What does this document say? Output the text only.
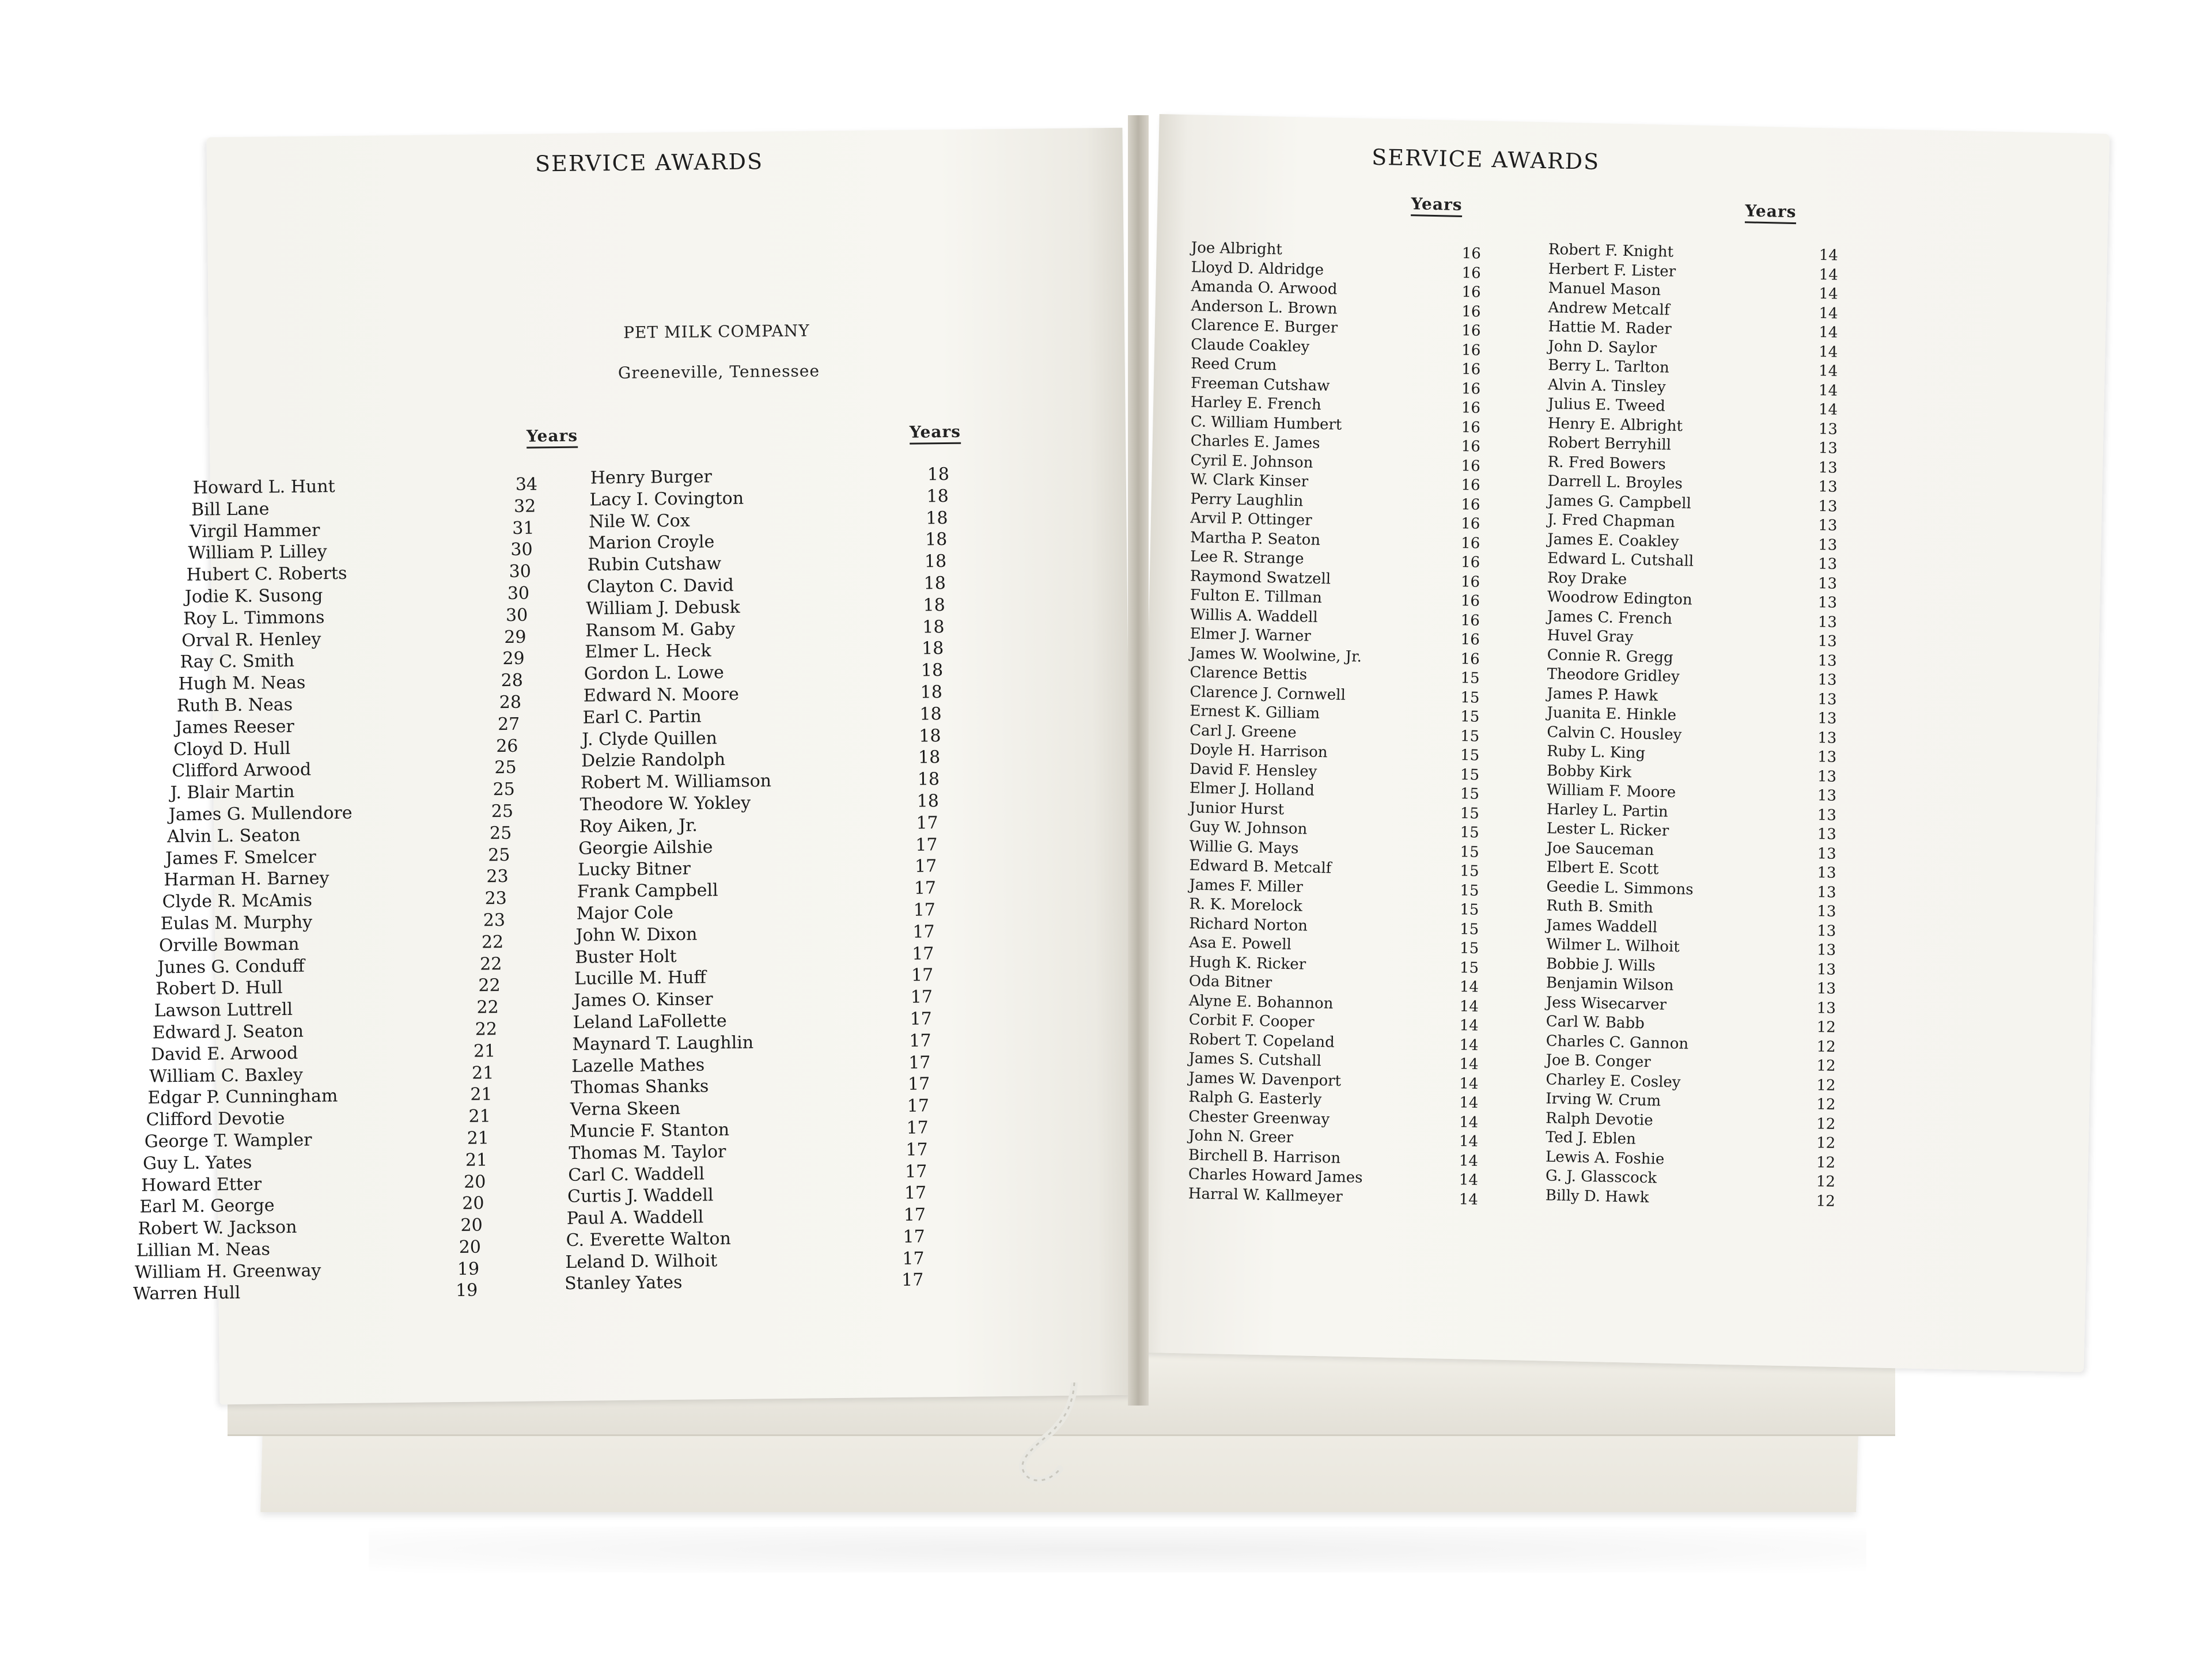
SERVICE AWARDS
PET MILK COMPANY
Greeneville, Tennessee
Years	Years
Howard L. Hunt	34
Bill Lane	32
Virgil Hammer	31
William P. Lilley	30
Hubert C. Roberts	30
Jodie K. Susong	30
Roy L. Timmons	30
Orval R. Henley	29
Ray C. Smith	29
Hugh M. Neas	28
Ruth B. Neas	28
James Reeser	27
Cloyd D. Hull	26
Clifford Arwood	25
J. Blair Martin	25
James G. Mullendore	25
Alvin L. Seaton	25
James F. Smelcer	25
Harman H. Barney	23
Clyde R. McAmis	23
Eulas M. Murphy	23
Orville Bowman	22
Junes G. Conduff	22
Robert D. Hull	22
Lawson Luttrell	22
Edward J. Seaton	22
David E. Arwood	21
William C. Baxley	21
Edgar P. Cunningham	21
Clifford Devotie	21
George T. Wampler	21
Guy L. Yates	21
Howard Etter	20
Earl M. George	20
Robert W. Jackson	20
Lillian M. Neas	20
William H. Greenway	19
Warren Hull	19
Henry Burger	18
Lacy I. Covington	18
Nile W. Cox	18
Marion Croyle	18
Rubin Cutshaw	18
Clayton C. David	18
William J. Debusk	18
Ransom M. Gaby	18
Elmer L. Heck	18
Gordon L. Lowe	18
Edward N. Moore	18
Earl C. Partin	18
J. Clyde Quillen	18
Delzie Randolph	18
Robert M. Williamson	18
Theodore W. Yokley	18
Roy Aiken, Jr.	17
Georgie Ailshie	17
Lucky Bitner	17
Frank Campbell	17
Major Cole	17
John W. Dixon	17
Buster Holt	17
Lucille M. Huff	17
James O. Kinser	17
Leland LaFollette	17
Maynard T. Laughlin	17
Lazelle Mathes	17
Thomas Shanks	17
Verna Skeen	17
Muncie F. Stanton	17
Thomas M. Taylor	17
Carl C. Waddell	17
Curtis J. Waddell	17
Paul A. Waddell	17
C. Everette Walton	17
Leland D. Wilhoit	17
Stanley Yates	17
SERVICE AWARDS
Years	Years
Joe Albright	16
Lloyd D. Aldridge	16
Amanda O. Arwood	16
Anderson L. Brown	16
Clarence E. Burger	16
Claude Coakley	16
Reed Crum	16
Freeman Cutshaw	16
Harley E. French	16
C. William Humbert	16
Charles E. James	16
Cyril E. Johnson	16
W. Clark Kinser	16
Perry Laughlin	16
Arvil P. Ottinger	16
Martha P. Seaton	16
Lee R. Strange	16
Raymond Swatzell	16
Fulton E. Tillman	16
Willis A. Waddell	16
Elmer J. Warner	16
James W. Woolwine, Jr.	16
Clarence Bettis	15
Clarence J. Cornwell	15
Ernest K. Gilliam	15
Carl J. Greene	15
Doyle H. Harrison	15
David F. Hensley	15
Elmer J. Holland	15
Junior Hurst	15
Guy W. Johnson	15
Willie G. Mays	15
Edward B. Metcalf	15
James F. Miller	15
R. K. Morelock	15
Richard Norton	15
Asa E. Powell	15
Hugh K. Ricker	15
Oda Bitner	14
Alyne E. Bohannon	14
Corbit F. Cooper	14
Robert T. Copeland	14
James S. Cutshall	14
James W. Davenport	14
Ralph G. Easterly	14
Chester Greenway	14
John N. Greer	14
Birchell B. Harrison	14
Charles Howard James	14
Harral W. Kallmeyer	14
Robert F. Knight	14
Herbert F. Lister	14
Manuel Mason	14
Andrew Metcalf	14
Hattie M. Rader	14
John D. Saylor	14
Berry L. Tarlton	14
Alvin A. Tinsley	14
Julius E. Tweed	14
Henry E. Albright	13
Robert Berryhill	13
R. Fred Bowers	13
Darrell L. Broyles	13
James G. Campbell	13
J. Fred Chapman	13
James E. Coakley	13
Edward L. Cutshall	13
Roy Drake	13
Woodrow Edington	13
James C. French	13
Huvel Gray	13
Connie R. Gregg	13
Theodore Gridley	13
James P. Hawk	13
Juanita E. Hinkle	13
Calvin C. Housley	13
Ruby L. King	13
Bobby Kirk	13
William F. Moore	13
Harley L. Partin	13
Lester L. Ricker	13
Joe Sauceman	13
Elbert E. Scott	13
Geedie L. Simmons	13
Ruth B. Smith	13
James Waddell	13
Wilmer L. Wilhoit	13
Bobbie J. Wills	13
Benjamin Wilson	13
Jess Wisecarver	13
Carl W. Babb	12
Charles C. Gannon	12
Joe B. Conger	12
Charley E. Cosley	12
Irving W. Crum	12
Ralph Devotie	12
Ted J. Eblen	12
Lewis A. Foshie	12
G. J. Glasscock	12
Billy D. Hawk	12
